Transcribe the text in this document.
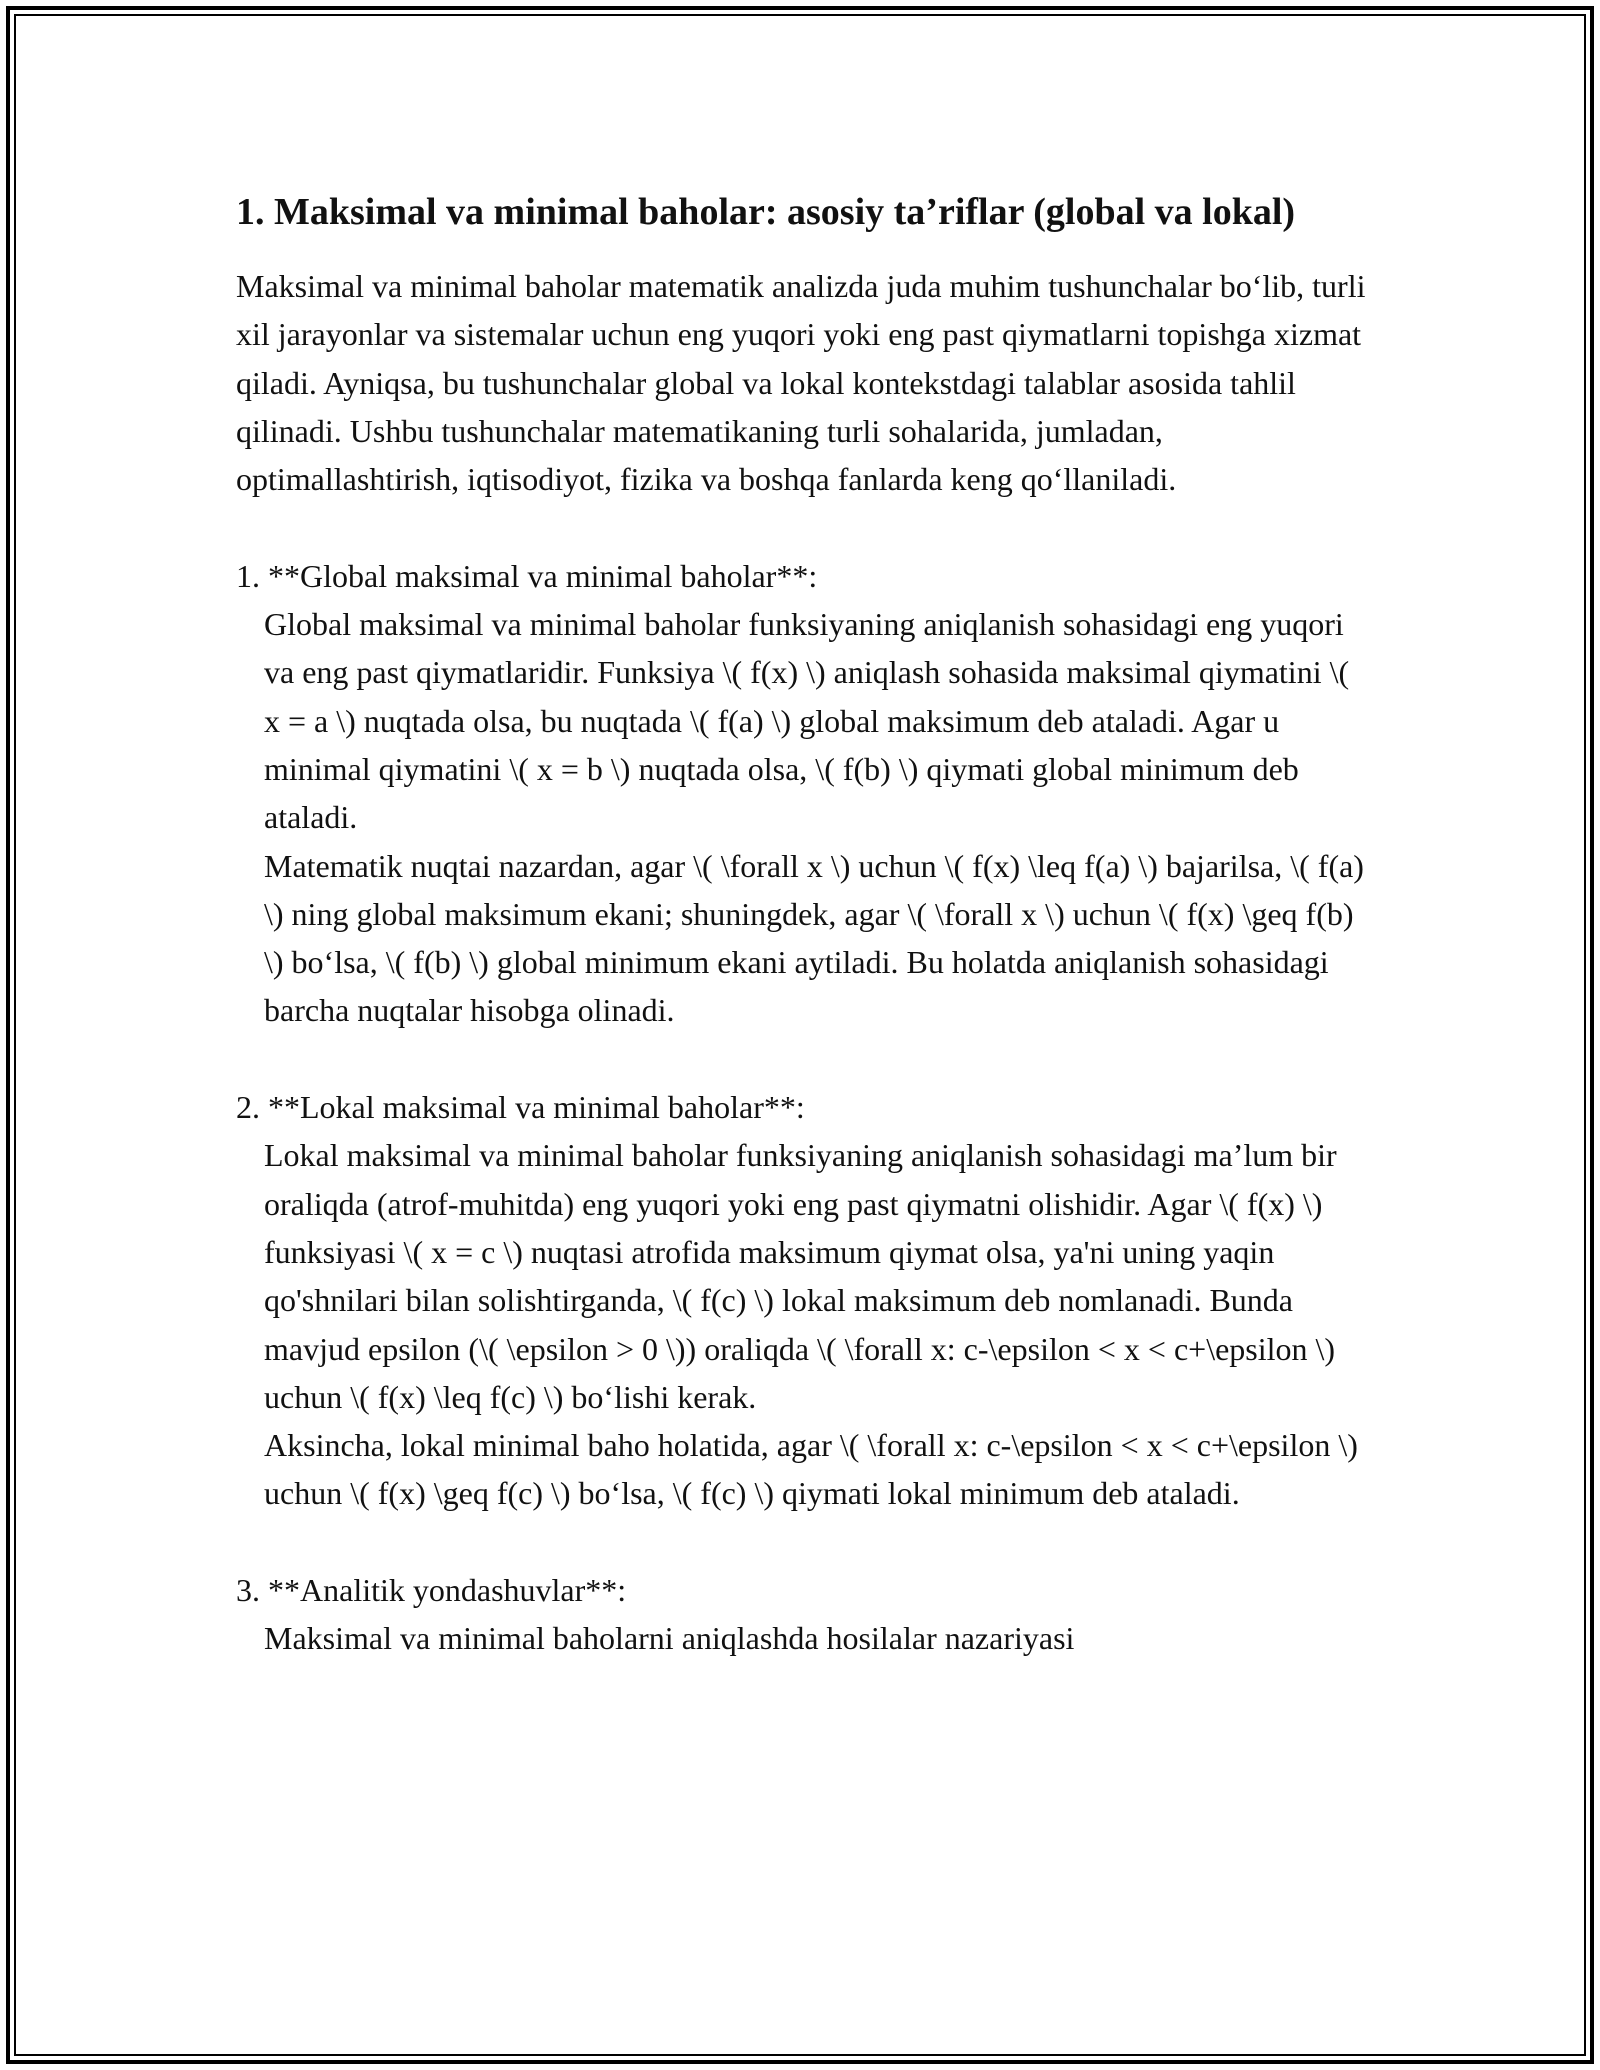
1. Maksimal va minimal baholar: asosiy ta’riflar (global va lokal)

Maksimal va minimal baholar matematik analizda juda muhim tushunchalar bo‘lib, turli xil jarayonlar va sistemalar uchun eng yuqori yoki eng past qiymatlarni topishga xizmat qiladi. Ayniqsa, bu tushunchalar global va lokal kontekstdagi talablar asosida tahlil qilinadi. Ushbu tushunchalar matematikaning turli sohalarida, jumladan, optimallashtirish, iqtisodiyot, fizika va boshqa fanlarda keng qo‘llaniladi.

1. **Global maksimal va minimal baholar**:

Global maksimal va minimal baholar funksiyaning aniqlanish sohasidagi eng yuqori va eng past qiymatlaridir. Funksiya \( f(x) \) aniqlash sohasida maksimal qiymatini \( x = a \) nuqtada olsa, bu nuqtada \( f(a) \) global maksimum deb ataladi. Agar u minimal qiymatini \( x = b \) nuqtada olsa, \( f(b) \) qiymati global minimum deb ataladi.

Matematik nuqtai nazardan, agar \( \forall x \) uchun \( f(x) \leq f(a) \) bajarilsa, \( f(a) \) ning global maksimum ekani; shuningdek, agar \( \forall x \) uchun \( f(x) \geq f(b) \) bo‘lsa, \( f(b) \) global minimum ekani aytiladi. Bu holatda aniqlanish sohasidagi barcha nuqtalar hisobga olinadi.

2. **Lokal maksimal va minimal baholar**:

Lokal maksimal va minimal baholar funksiyaning aniqlanish sohasidagi ma’lum bir oraliqda (atrof-muhitda) eng yuqori yoki eng past qiymatni olishidir. Agar \( f(x) \) funksiyasi \( x = c \) nuqtasi atrofida maksimum qiymat olsa, ya'ni uning yaqin qo'shnilari bilan solishtirganda, \( f(c) \) lokal maksimum deb nomlanadi. Bunda mavjud epsilon (\( \epsilon > 0 \)) oraliqda \( \forall x: c-\epsilon < x < c+\epsilon \) uchun \( f(x) \leq f(c) \) bo‘lishi kerak.

Aksincha, lokal minimal baho holatida, agar \( \forall x: c-\epsilon < x < c+\epsilon \) uchun \( f(x) \geq f(c) \) bo‘lsa, \( f(c) \) qiymati lokal minimum deb ataladi.

3. **Analitik yondashuvlar**:

Maksimal va minimal baholarni aniqlashda hosilalar nazariyasi
